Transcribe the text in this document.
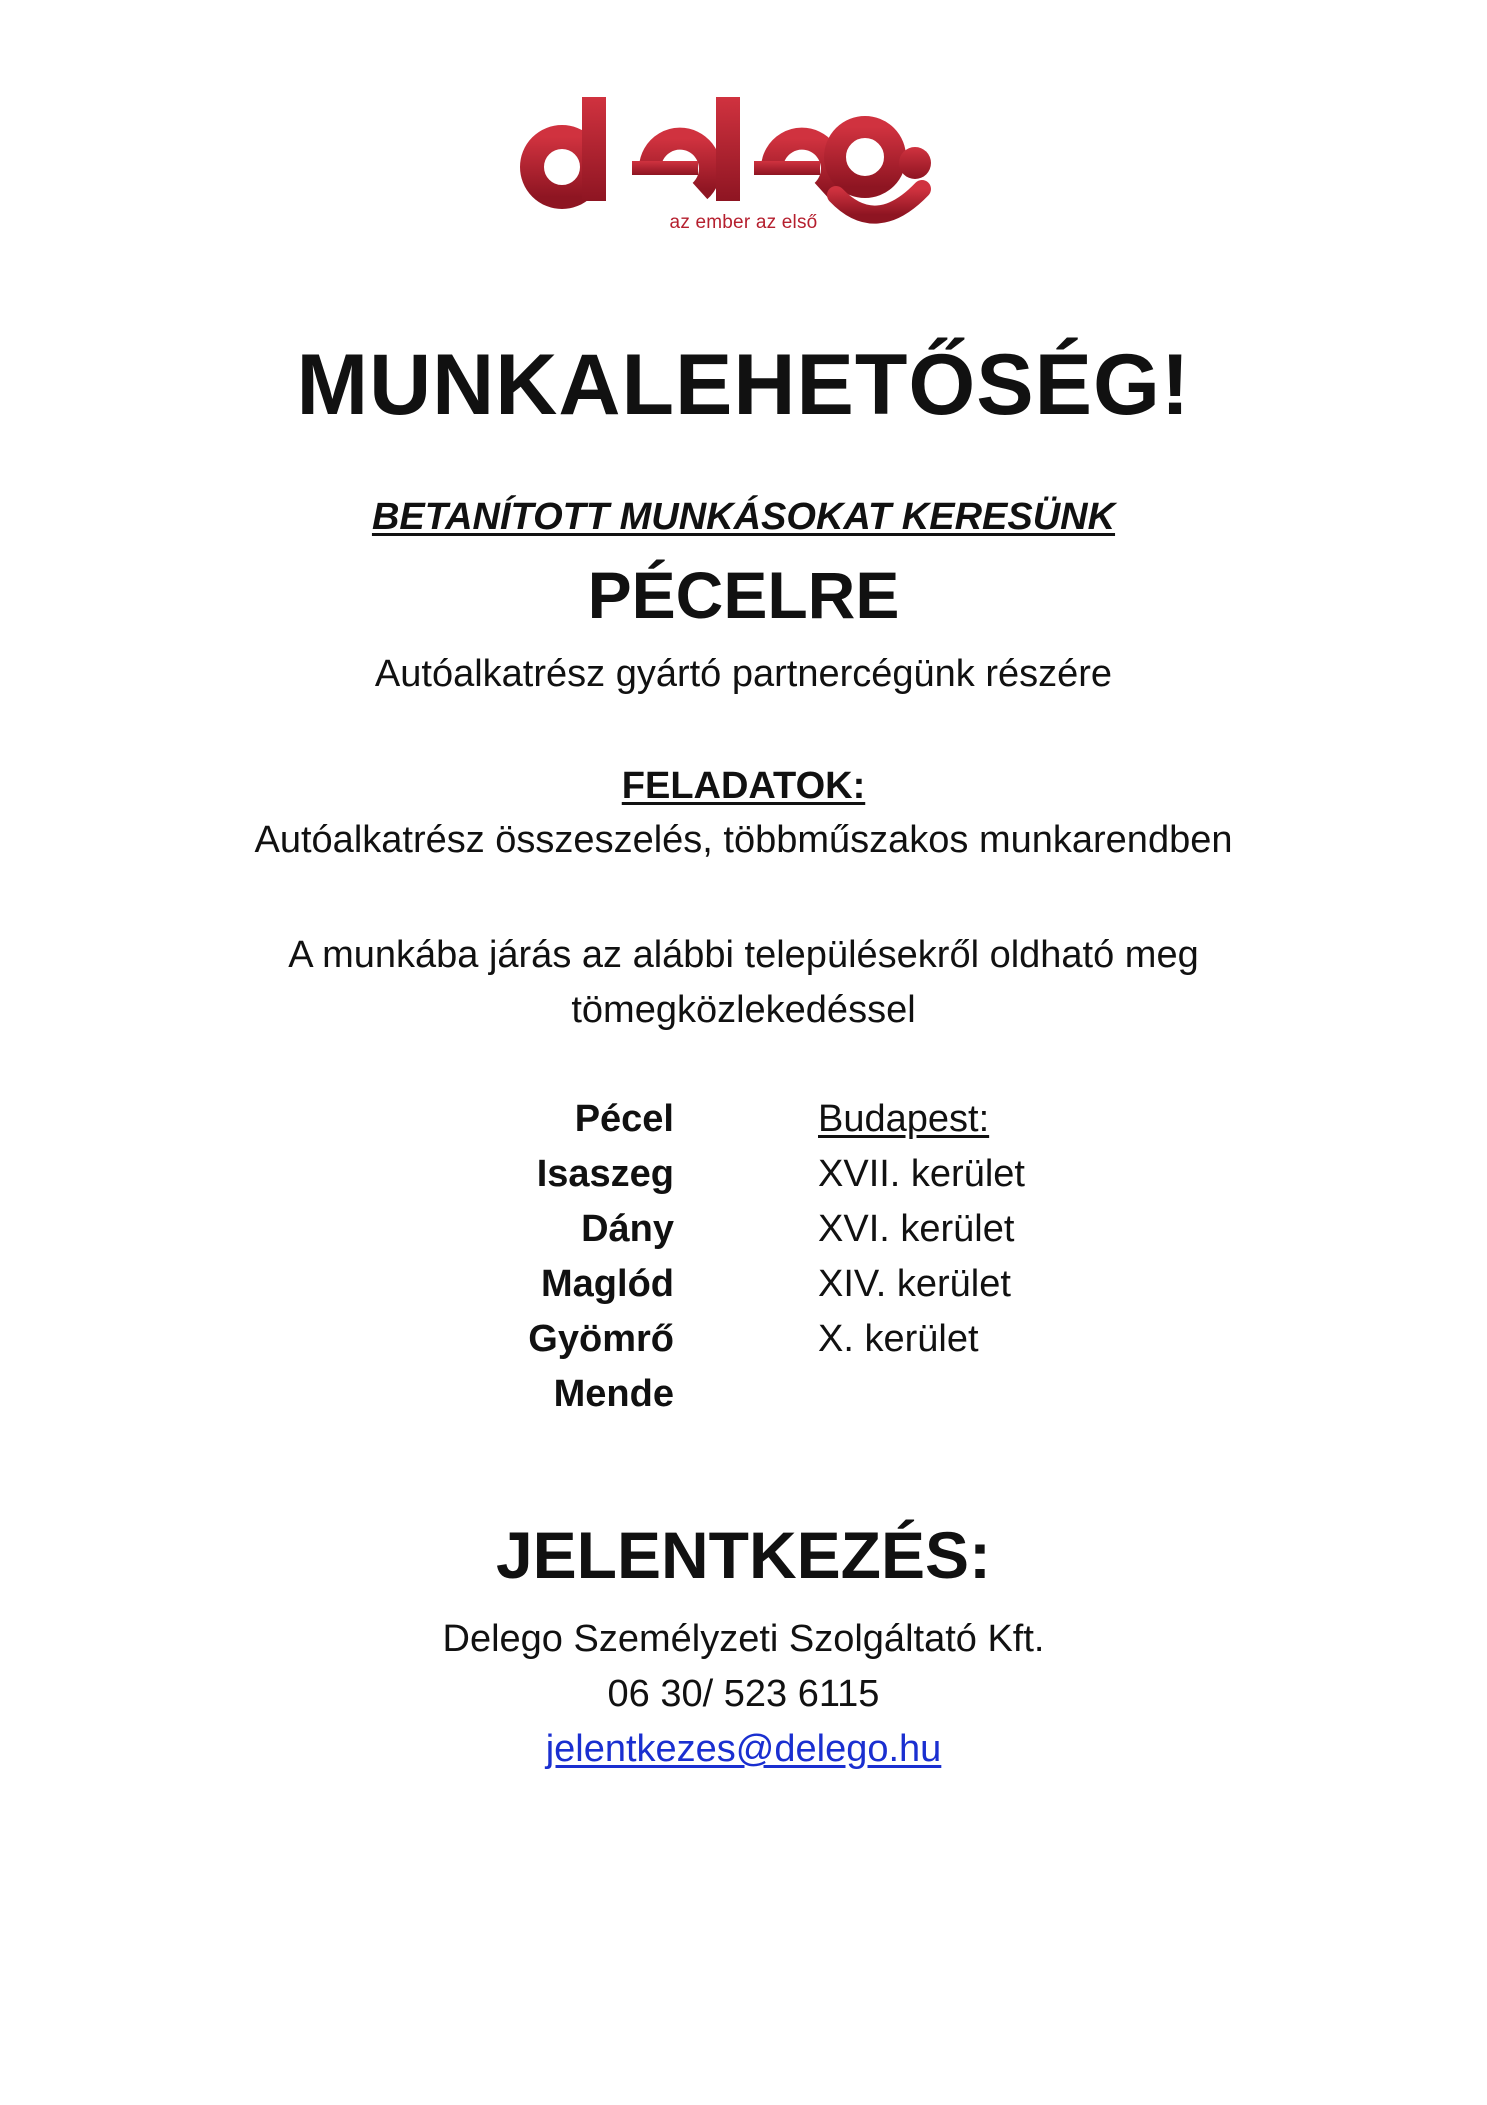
az ember az első
MUNKALEHETŐSÉG!
BETANÍTOTT MUNKÁSOKAT KERESÜNK
PÉCELRE
Autóalkatrész gyártó partnercégünk részére
FELADATOK:
Autóalkatrész összeszelés, többműszakos munkarendben
A munkába járás az alábbi településekről oldható meg tömegközlekedéssel
Pécel
Isaszeg
Dány
Maglód
Gyömrő
Mende
Budapest:
XVII. kerület
XVI. kerület
XIV. kerület
X. kerület
JELENTKEZÉS:
Delego Személyzeti Szolgáltató Kft.
06 30/ 523 6115
jelentkezes@delego.hu
